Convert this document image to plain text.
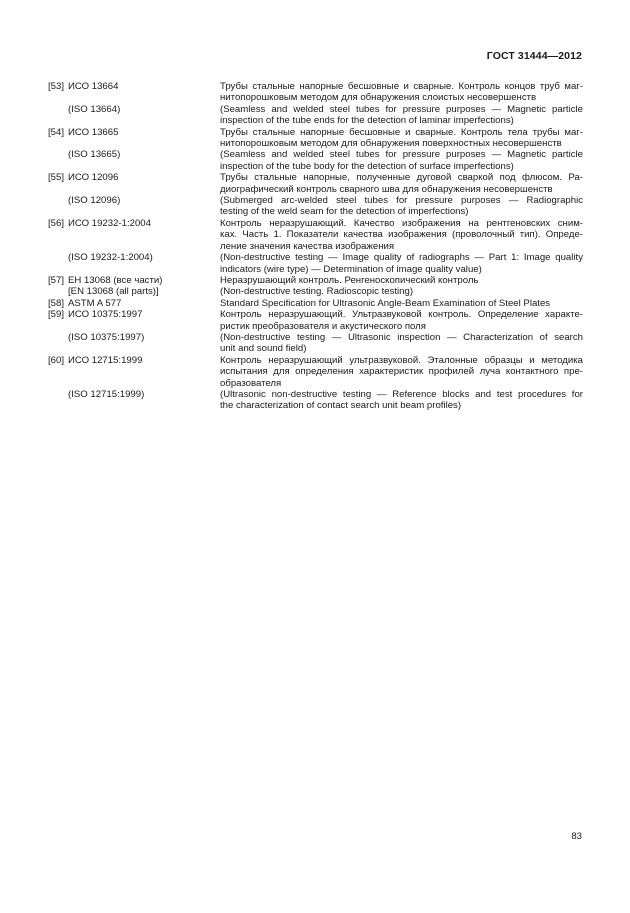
ГОСТ 31444—2012
[53] ИСО 13664	Трубы стальные напорные бесшовные и сварные. Контроль концов труб маг-
нитопорошковым методом для обнаружения слоистых несовершенств
(ISO 13664)	(Seamless and welded steel tubes for pressure purposes — Magnetic particle
inspection of the tube ends for the detection of laminar imperfections)
[54] ИСО 13665	Трубы стальные напорные бесшовные и сварные. Контроль тела трубы маг-
нитопорошковым методом для обнаружения поверхностных несовершенств
(ISO 13665)	(Seamless and welded steel tubes for pressure purposes — Magnetic particle
inspection of the tube body for the detection of surface imperfections)
[55] ИСО 12096	Трубы стальные напорные, полученные дуговой сваркой под флюсом. Ра-
диографический контроль сварного шва для обнаружения несовершенств
(ISO 12096)	(Submerged arc-welded steel tubes for pressure purposes — Radiographic
testing of the weld seam for the detection of imperfections)
[56] ИСО 19232-1:2004	Контроль неразрушающий. Качество изображения на рентгеновских сним-
ках. Часть 1. Показатели качества изображения (проволочный тип). Опреде-
ление значения качества изображения
(ISO 19232-1:2004)	(Non-destructive testing — Image quality of radiographs — Part 1: Image quality
indicators (wire type) — Determination of image quality value)
[57] ЕН 13068 (все части)	Неразрушающий контроль. Ренгеноскопический контроль
[EN 13068 (all parts)]	(Non-destructive testing. Radioscopic testing)
[58] ASTM A 577	Standard Specification for Ultrasonic Angle-Beam Examination of Steel Plates
[59] ИСО 10375:1997	Контроль неразрушающий. Ультразвуковой контроль. Определение характе-
ристик преобразователя и акустического поля
(ISO 10375:1997)	(Non-destructive testing — Ultrasonic inspection — Characterization of search
unit and sound field)
[60] ИСО 12715:1999	Контроль неразрушающий ультразвуковой. Эталонные образцы и методика
испытания для определения характеристик профилей луча контактного пре-
образователя
(ISO 12715:1999)	(Ultrasonic non-destructive testing — Reference blocks and test procedures for
the characterization of contact search unit beam profiles)
83
